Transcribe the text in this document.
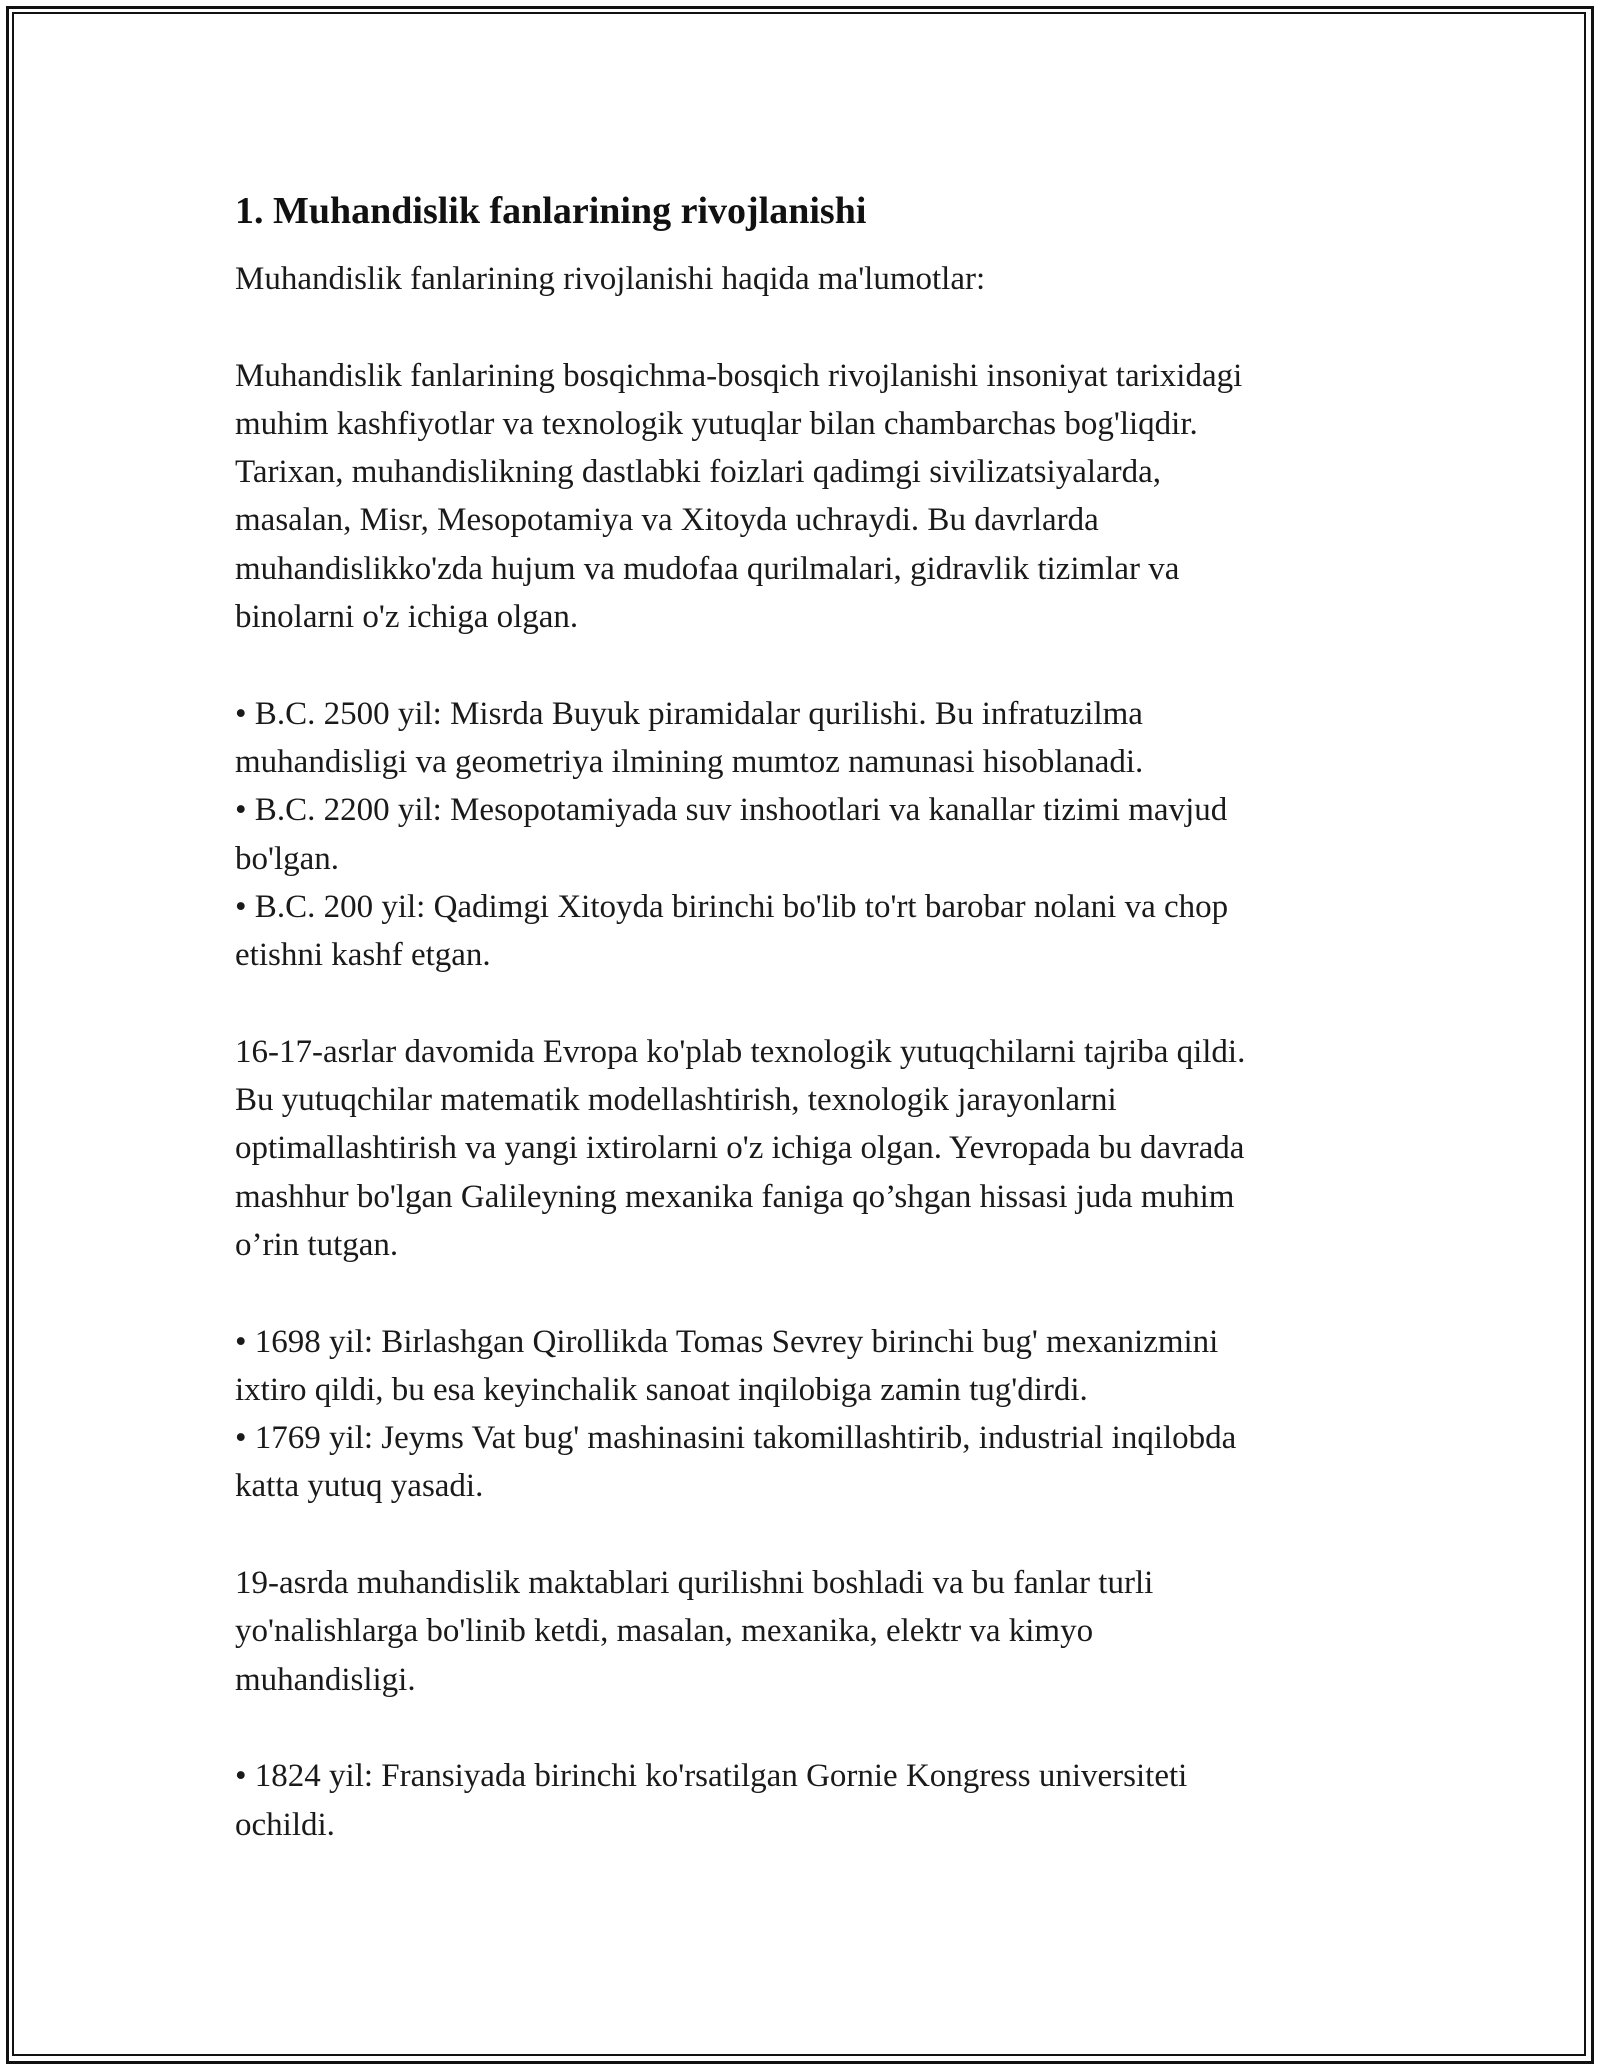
1. Muhandislik fanlarining rivojlanishi

Muhandislik fanlarining rivojlanishi haqida ma'lumotlar:

Muhandislik fanlarining bosqichma-bosqich rivojlanishi insoniyat tarixidagi
muhim kashfiyotlar va texnologik yutuqlar bilan chambarchas bog'liqdir.
Tarixan, muhandislikning dastlabki foizlari qadimgi sivilizatsiyalarda,
masalan, Misr, Mesopotamiya va Xitoyda uchraydi. Bu davrlarda
muhandislikko'zda hujum va mudofaa qurilmalari, gidravlik tizimlar va
binolarni o'z ichiga olgan.

• B.C. 2500 yil: Misrda Buyuk piramidalar qurilishi. Bu infratuzilma
muhandisligi va geometriya ilmining mumtoz namunasi hisoblanadi.
• B.C. 2200 yil: Mesopotamiyada suv inshootlari va kanallar tizimi mavjud
bo'lgan.
• B.C. 200 yil: Qadimgi Xitoyda birinchi bo'lib to'rt barobar nolani va chop
etishni kashf etgan.

16-17-asrlar davomida Evropa ko'plab texnologik yutuqchilarni tajriba qildi.
Bu yutuqchilar matematik modellashtirish, texnologik jarayonlarni
optimallashtirish va yangi ixtirolarni o'z ichiga olgan. Yevropada bu davrada
mashhur bo'lgan Galileyning mexanika faniga qo’shgan hissasi juda muhim
o’rin tutgan.

• 1698 yil: Birlashgan Qirollikda Tomas Sevrey birinchi bug' mexanizmini
ixtiro qildi, bu esa keyinchalik sanoat inqilobiga zamin tug'dirdi.
• 1769 yil: Jeyms Vat bug' mashinasini takomillashtirib, industrial inqilobda
katta yutuq yasadi.

19-asrda muhandislik maktablari qurilishni boshladi va bu fanlar turli
yo'nalishlarga bo'linib ketdi, masalan, mexanika, elektr va kimyo
muhandisligi.

• 1824 yil: Fransiyada birinchi ko'rsatilgan Gornie Kongress universiteti
ochildi.
